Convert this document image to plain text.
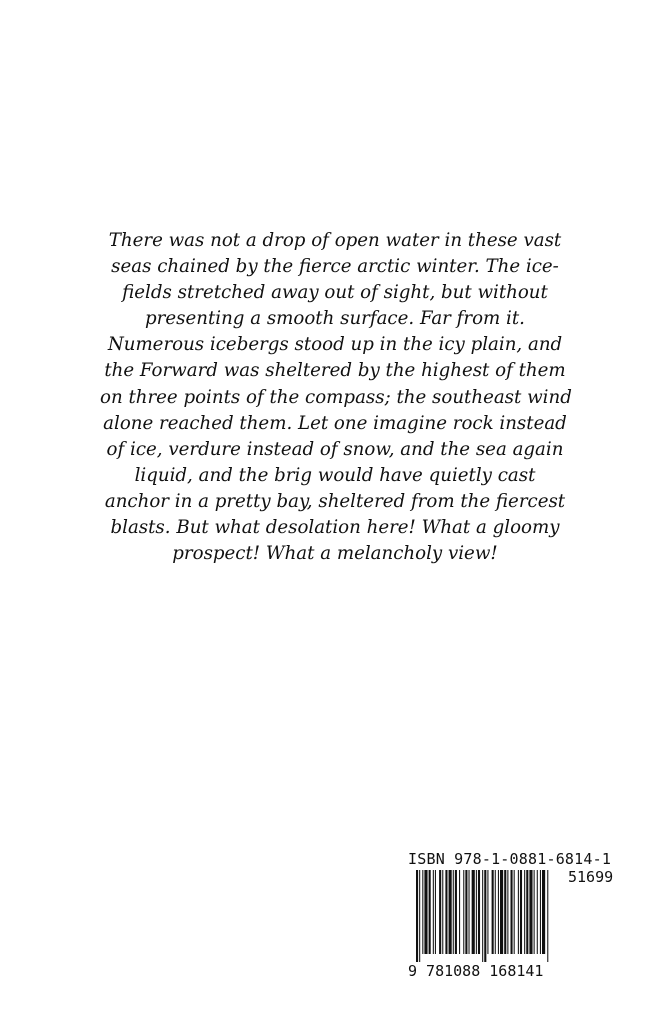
There was not a drop of open water in these vast
seas chained by the fierce arctic winter. The ice-
fields stretched away out of sight, but without
presenting a smooth surface. Far from it.
Numerous icebergs stood up in the icy plain, and
the Forward was sheltered by the highest of them
on three points of the compass; the southeast wind
alone reached them. Let one imagine rock instead
of ice, verdure instead of snow, and the sea again
liquid, and the brig would have quietly cast
anchor in a pretty bay, sheltered from the fiercest
blasts. But what desolation here! What a gloomy
prospect! What a melancholy view!

ISBN 978-1-0881-6814-1
51699
9 781088 168141
